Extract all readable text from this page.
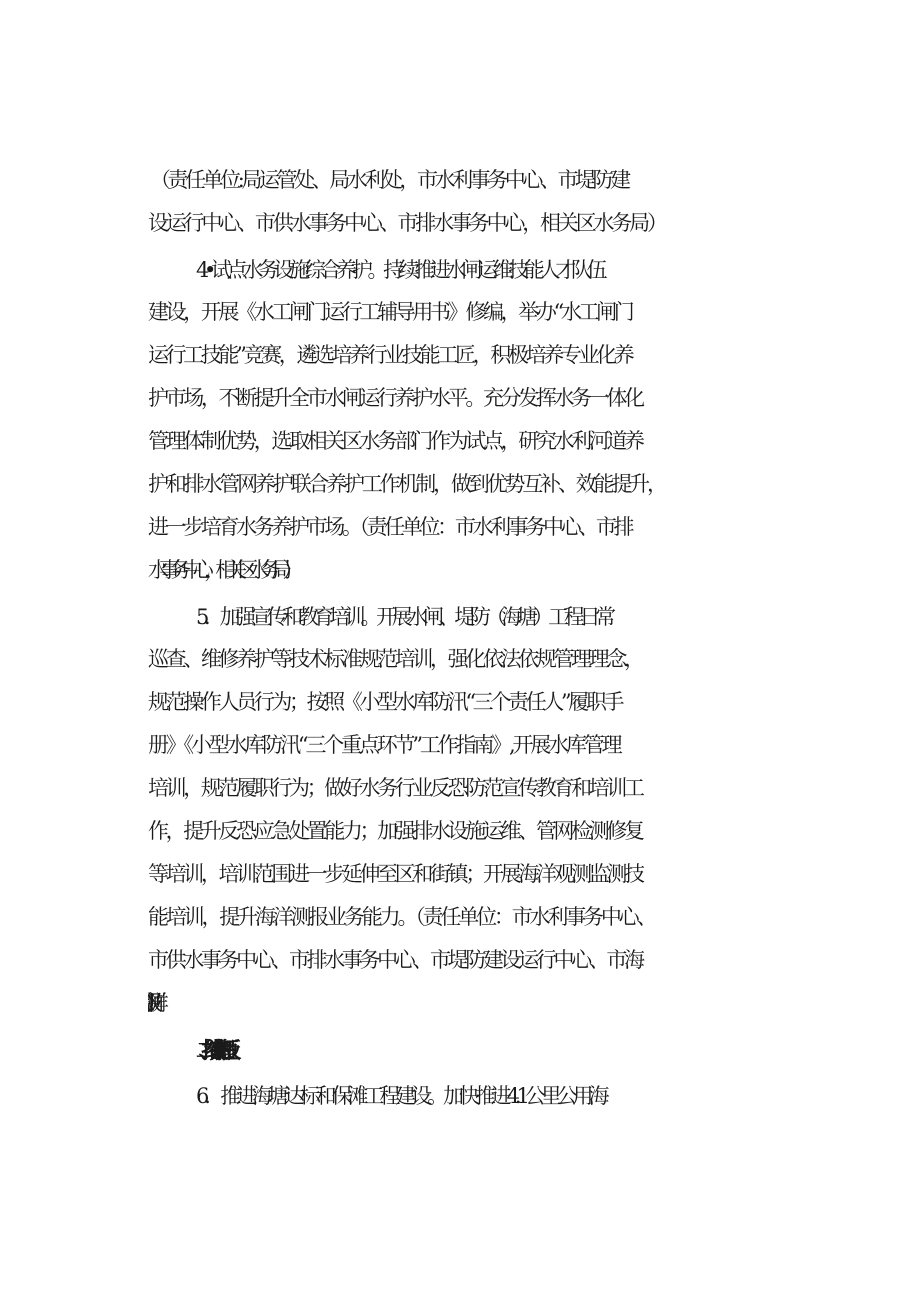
（责任单位:局运管处、局水利处，市水利事务中心、市堤防建
设运行中心、市供水事务中心、市排水事务中心，相关区水务局）
4•试点水务设施综合养护。持续推进水闸运维技能人才队伍
建设，开展《水工闸门运行工辅导用书》修编，举办“水工闸门
运行工技能”竞赛，遴选培养行业技能工匠，积极培养专业化养
护市场，不断提升全市水闸运行养护水平。充分发挥水务一体化
管理体制优势，选取相关区水务部门作为试点，研究水利河道养
护和排水管网养护联合养护工作机制，做到优势互补、效能提升，
进一步培育水务养护市场。（责任单位：市水利事务中心、市排
水事务中心，相关区水务局）
5．加强宣传和教育培训。开展水闸、堤防（海塘）工程日常
巡查、维修养护等技术标准规范培训，强化依法依规管理理念，
规范操作人员行为；按照《小型水库防汛“三个责任人”履职手
册》《小型水库防汛“三个重点环节”工作指南》,开展水库管理
培训，规范履职行为；做好水务行业反恐防范宣传教育和培训工
作，提升反恐应急处置能力；加强排水设施运维、管网检测修复
等培训，培训范围进一步延伸至区和街镇；开展海洋观测监测技
能培训，提升海洋测报业务能力。（责任单位：市水利事务中心、
市供水事务中心、市排水事务中心、市堤防建设运行中心、市海
二、持续补齐工程短板
6．推进海塘达标和保滩工程建设。加快推进4.1公里公用海
